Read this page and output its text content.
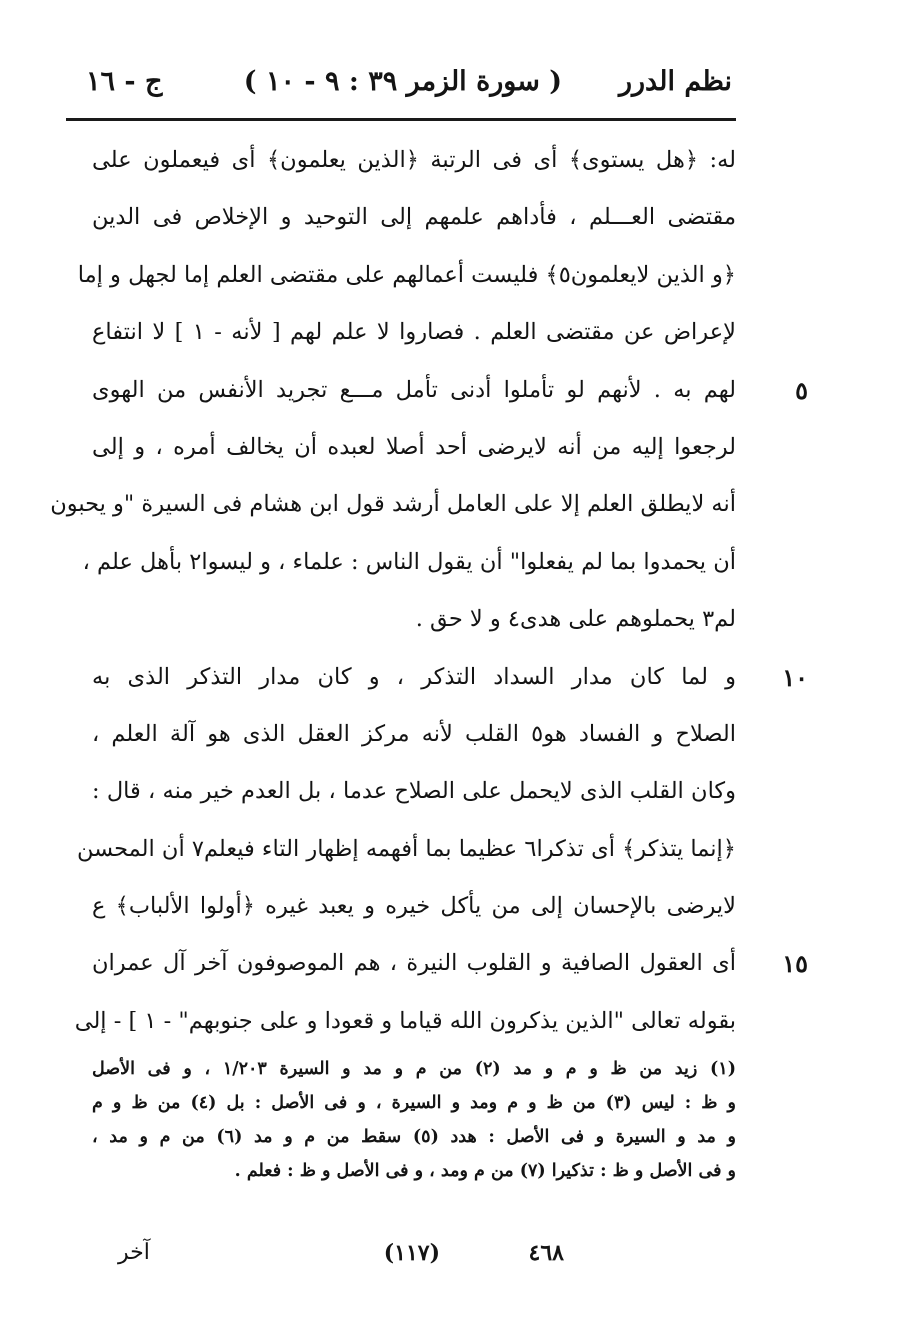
نظم الدرر
( سورة الزمر ٣٩ : ٩ - ١٠ )
ج - ١٦
له: ﴿هل يستوى﴾ أى فى الرتبة ﴿الذين يعلمون﴾ أى فيعملون على
مقتضى العـــلم ، فأداهم علمهم إلى التوحيد و الإخلاص فى الدين
﴿و الذين لايعلمون٥﴾ فليست أعمالهم على مقتضى العلم إما لجهل و إما
لإعراض عن مقتضى العلم . فصاروا لا علم لهم [ لأنه - ١ ] لا انتفاع
لهم به . لأنهم لو تأملوا أدنى تأمل مـــع تجريد الأنفس من الهوى ٥
لرجعوا إليه من أنه لايرضى أحد أصلا لعبده أن يخالف أمره ، و إلى
أنه لايطلق العلم إلا على العامل أرشد قول ابن هشام فى السيرة "و يحبون
أن يحمدوا بما لم يفعلوا" أن يقول الناس : علماء ، و ليسوا٢ بأهل علم ،
لم٣ يحملوهم على هدى٤ و لا حق .
و لما كان مدار السداد التذكر ، و كان مدار التذكر الذى به ١٠
الصلاح و الفساد هو٥ القلب لأنه مركز العقل الذى هو آلة العلم ،
وكان القلب الذى لايحمل على الصلاح عدما ، بل العدم خير منه ، قال :
﴿إنما يتذكر﴾ أى تذكرا٦ عظيما بما أفهمه إظهار التاء فيعلم٧ أن المحسن
لايرضى بالإحسان إلى من يأكل خيره و يعبد غيره ﴿أولوا الألباب﴾ ع
أى العقول الصافية و القلوب النيرة ، هم الموصوفون آخر آل عمران ١٥
بقوله تعالى "الذين يذكرون الله قياما و قعودا و على جنوبهم" - ١ ] - إلى
(١) زيد من ظ و م و مد (٢) من م و مد و السيرة ١/٢٠٣ ، و فى الأصل
و ظ : ليس (٣) من ظ و م ومد و السيرة ، و فى الأصل : بل (٤) من ظ و م
و مد و السيرة و فى الأصل : هدد (٥) سقط من م و مد (٦) من م و مد ،
و فى الأصل و ظ : تذكيرا (٧) من م ومد ، و فى الأصل و ظ : فعلم .
(١١٧)	٤٦٨
آخر
